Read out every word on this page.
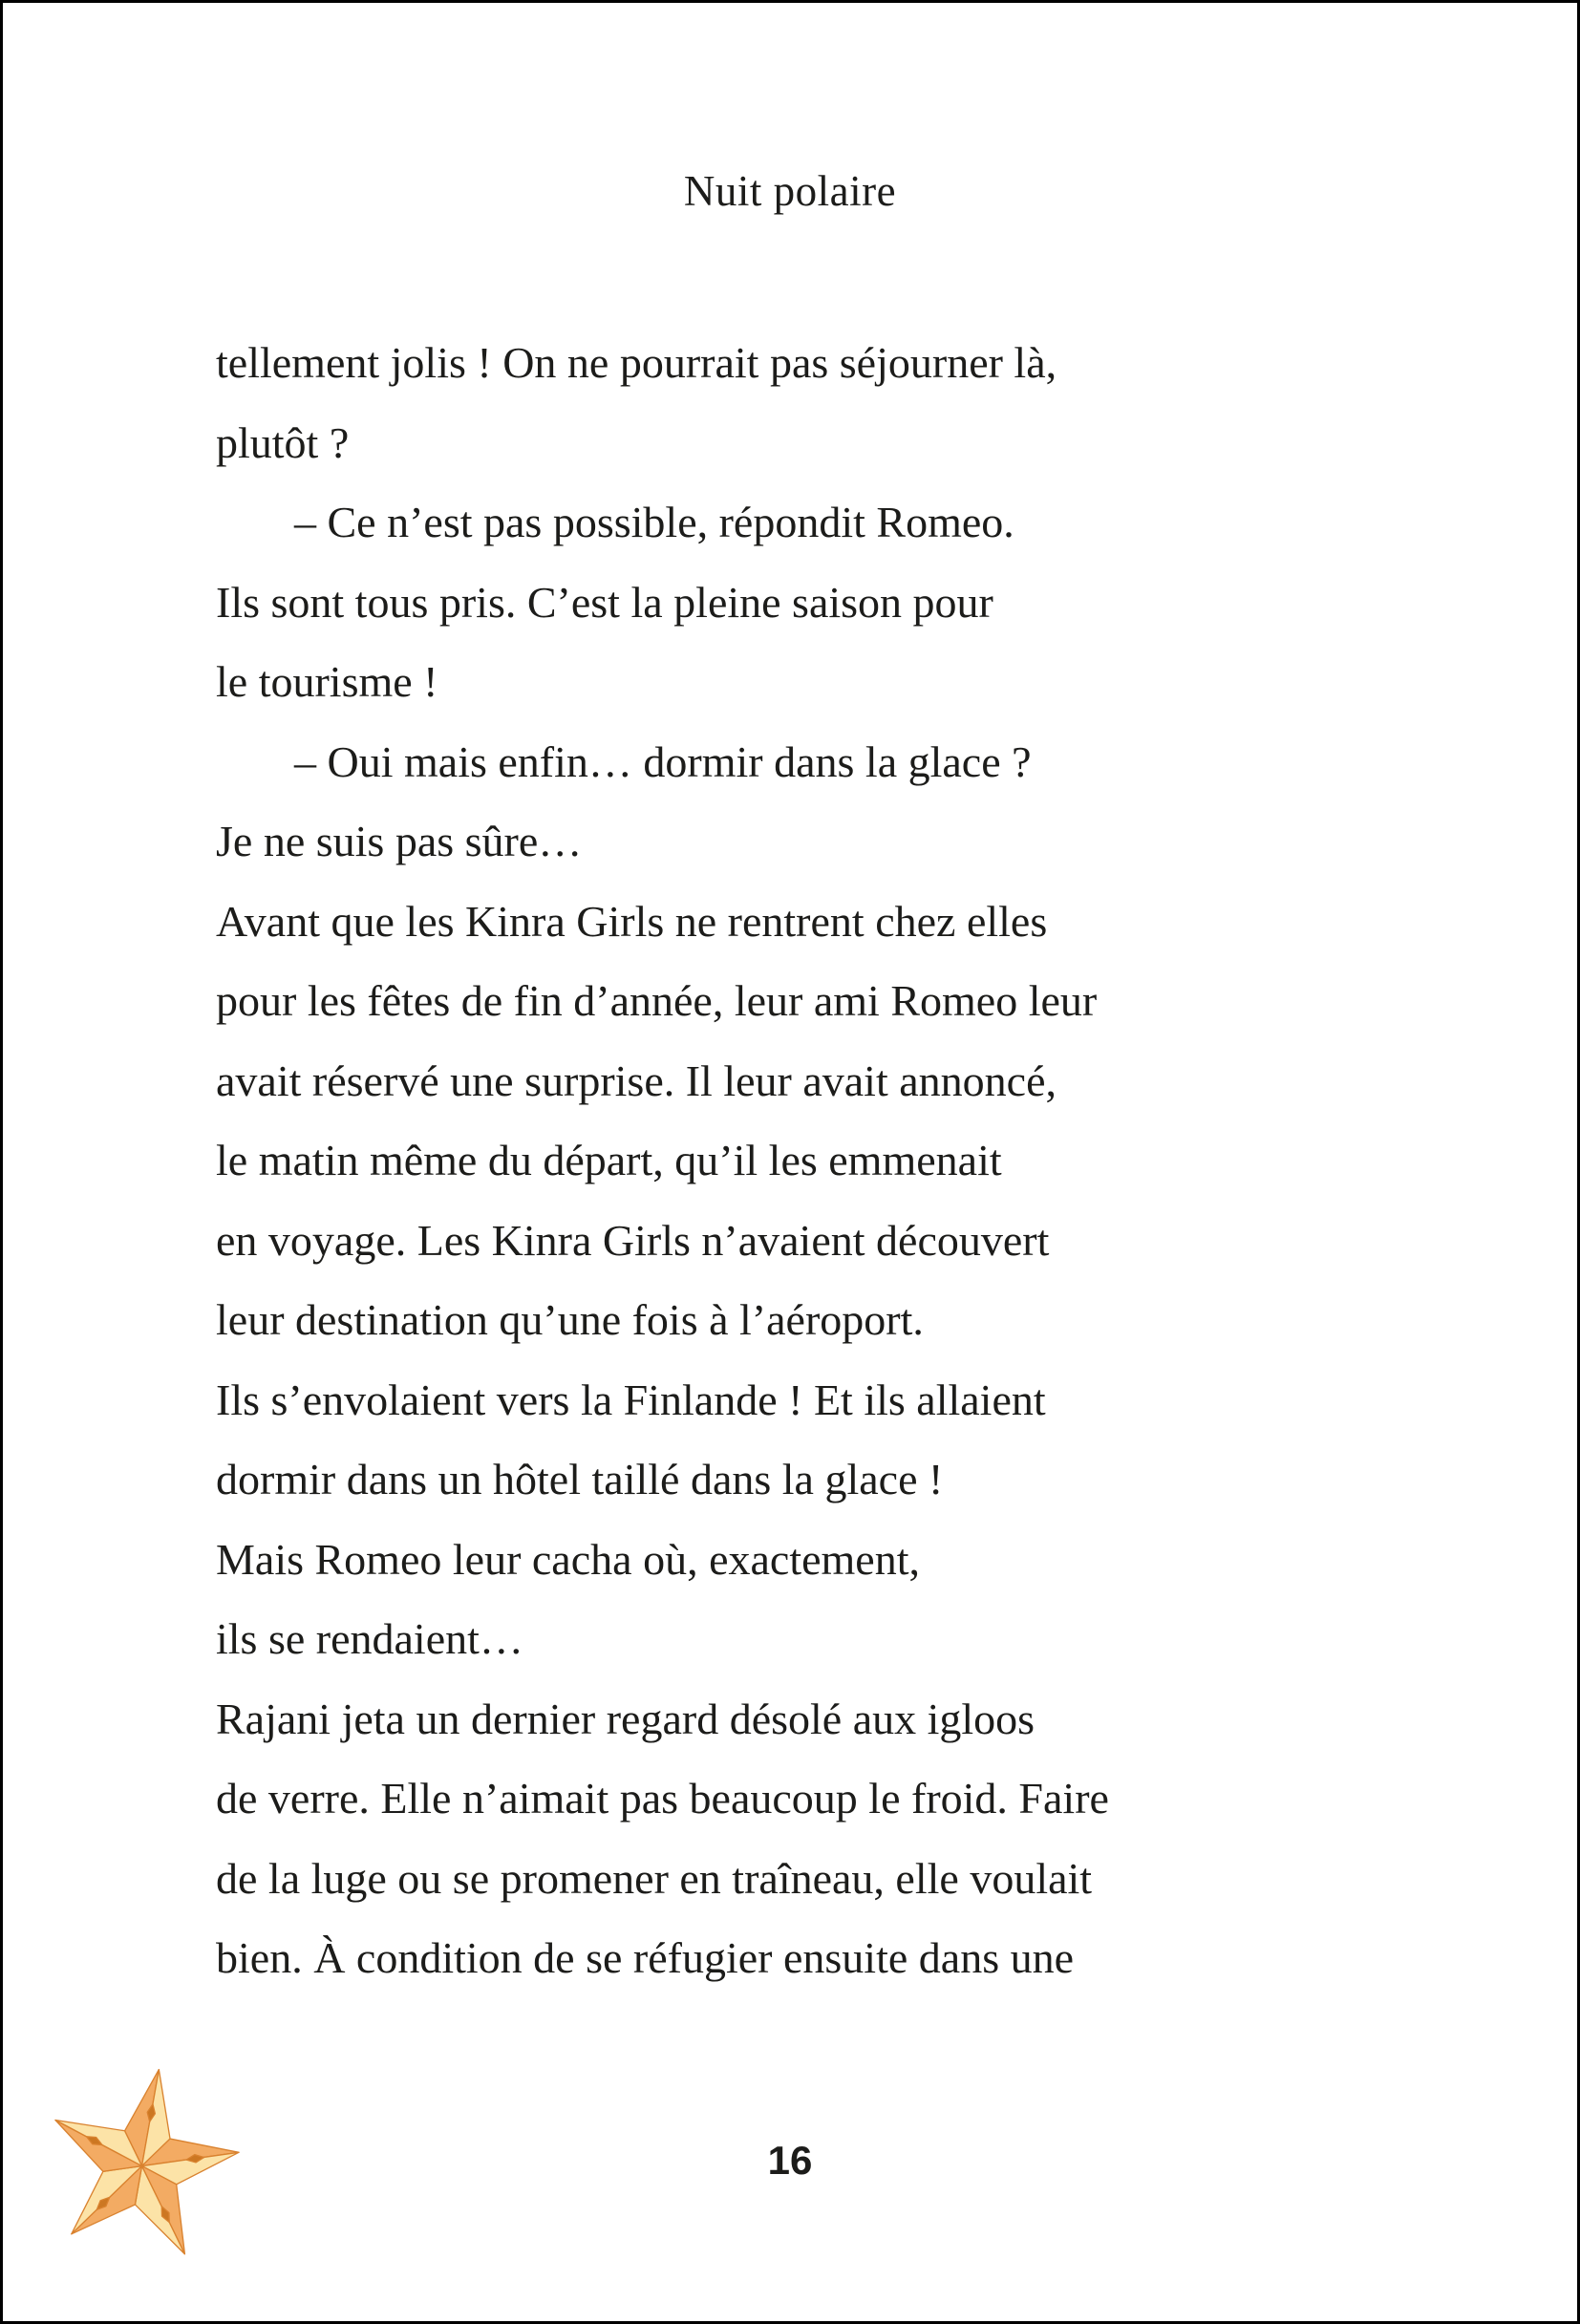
Nuit polaire
tellement jolis ! On ne pourrait pas séjourner là,
plutôt ?
– Ce n’est pas possible, répondit Romeo.
Ils sont tous pris. C’est la pleine saison pour
le tourisme !
– Oui mais enfin… dormir dans la glace ?
Je ne suis pas sûre…
Avant que les Kinra Girls ne rentrent chez elles
pour les fêtes de fin d’année, leur ami Romeo leur
avait réservé une surprise. Il leur avait annoncé,
le matin même du départ, qu’il les emmenait
en voyage. Les Kinra Girls n’avaient découvert
leur destination qu’une fois à l’aéroport.
Ils s’envolaient vers la Finlande ! Et ils allaient
dormir dans un hôtel taillé dans la glace !
Mais Romeo leur cacha où, exactement,
ils se rendaient…
Rajani jeta un dernier regard désolé aux igloos
de verre. Elle n’aimait pas beaucoup le froid. Faire
de la luge ou se promener en traîneau, elle voulait
bien. À condition de se réfugier ensuite dans une
16
